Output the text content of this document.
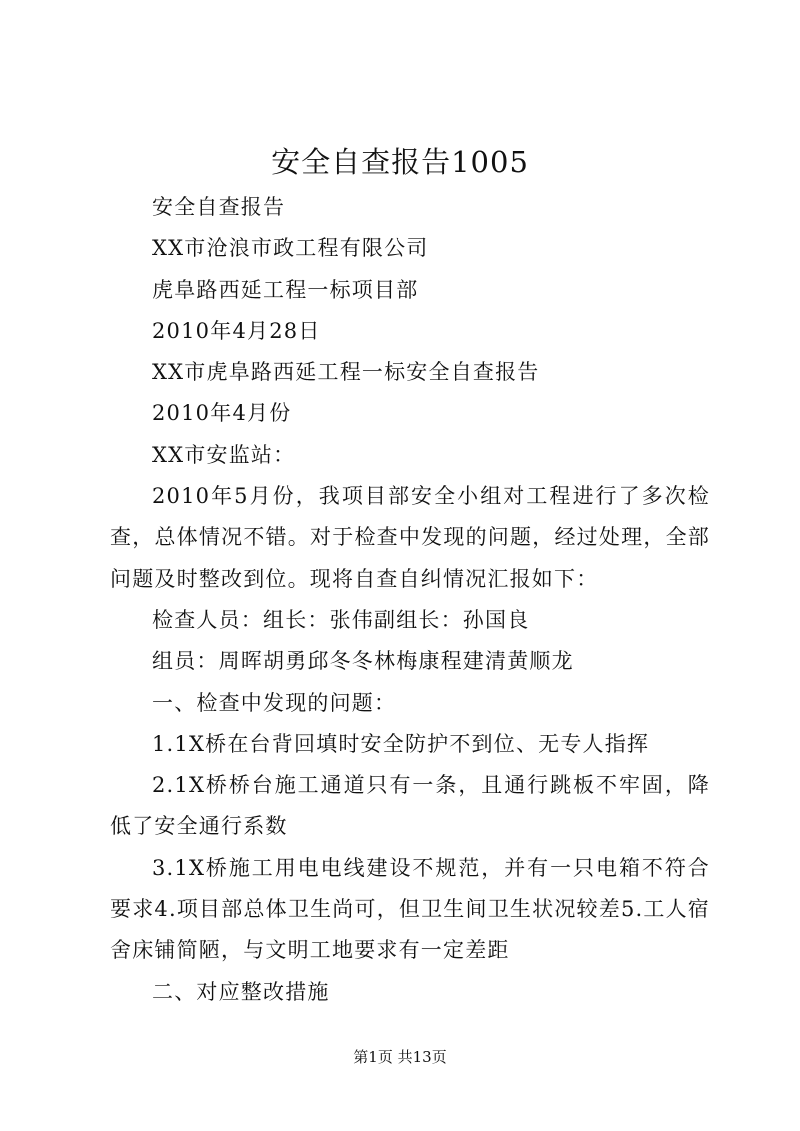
安全自查报告1005

安全自查报告

XX市沧浪市政工程有限公司

虎阜路西延工程一标项目部

2010年4月28日

XX市虎阜路西延工程一标安全自查报告

2010年4月份

XX市安监站：

2010年5月份，我项目部安全小组对工程进行了多次检查，总体情况不错。对于检查中发现的问题，经过处理，全部问题及时整改到位。现将自查自纠情况汇报如下：

检查人员：组长：张伟副组长：孙国良

组员：周晖胡勇邱冬冬林梅康程建清黄顺龙

一、检查中发现的问题：

1.1X桥在台背回填时安全防护不到位、无专人指挥

2.1X桥桥台施工通道只有一条，且通行跳板不牢固，降低了安全通行系数

3.1X桥施工用电电线建设不规范，并有一只电箱不符合要求4.项目部总体卫生尚可，但卫生间卫生状况较差5.工人宿舍床铺简陋，与文明工地要求有一定差距

二、对应整改措施

第1页 共13页
